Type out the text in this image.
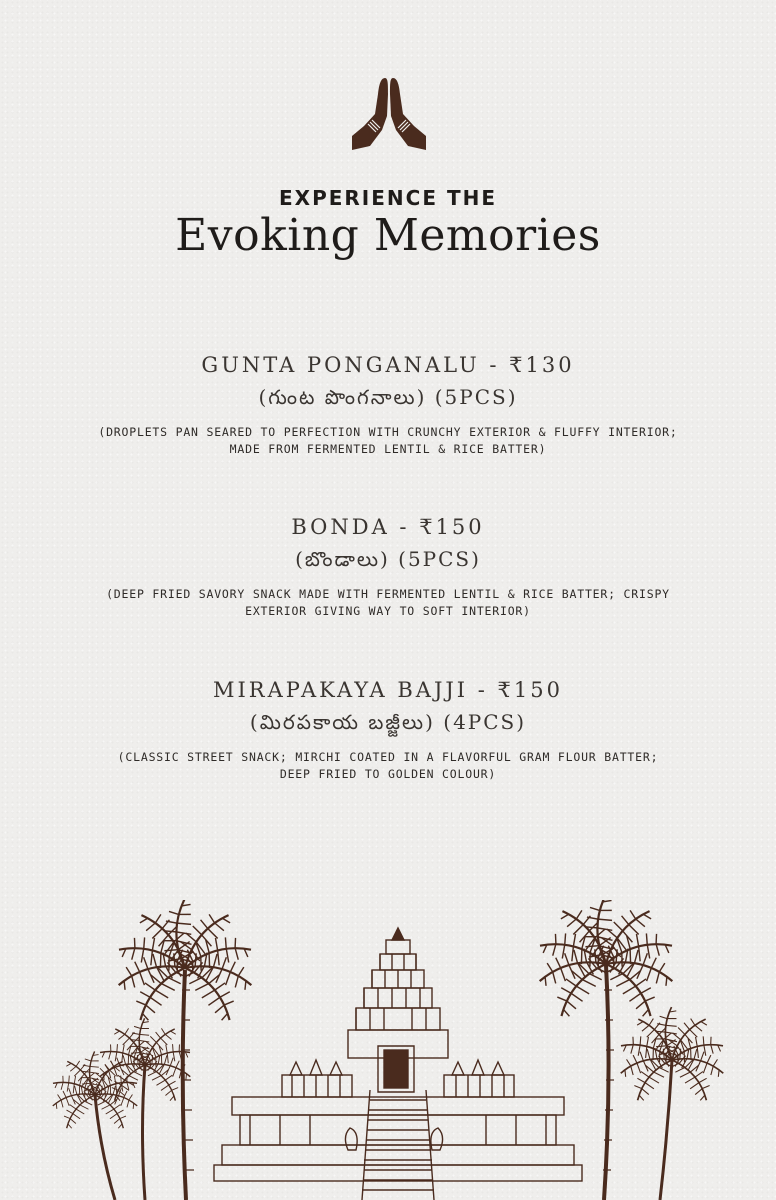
EXPERIENCE THE
Evoking Memories
GUNTA PONGANALU - ₹130
(గుంట పొంగనాలు) (5PCS)
(DROPLETS PAN SEARED TO PERFECTION WITH CRUNCHY EXTERIOR & FLUFFY INTERIOR;
MADE FROM FERMENTED LENTIL & RICE BATTER)
BONDA - ₹150
(బొండాలు) (5PCS)
(DEEP FRIED SAVORY SNACK MADE WITH FERMENTED LENTIL & RICE BATTER; CRISPY
EXTERIOR GIVING WAY TO SOFT INTERIOR)
MIRAPAKAYA BAJJI - ₹150
(మిరపకాయ బజ్జీలు) (4PCS)
(CLASSIC STREET SNACK; MIRCHI COATED IN A FLAVORFUL GRAM FLOUR BATTER;
DEEP FRIED TO GOLDEN COLOUR)
